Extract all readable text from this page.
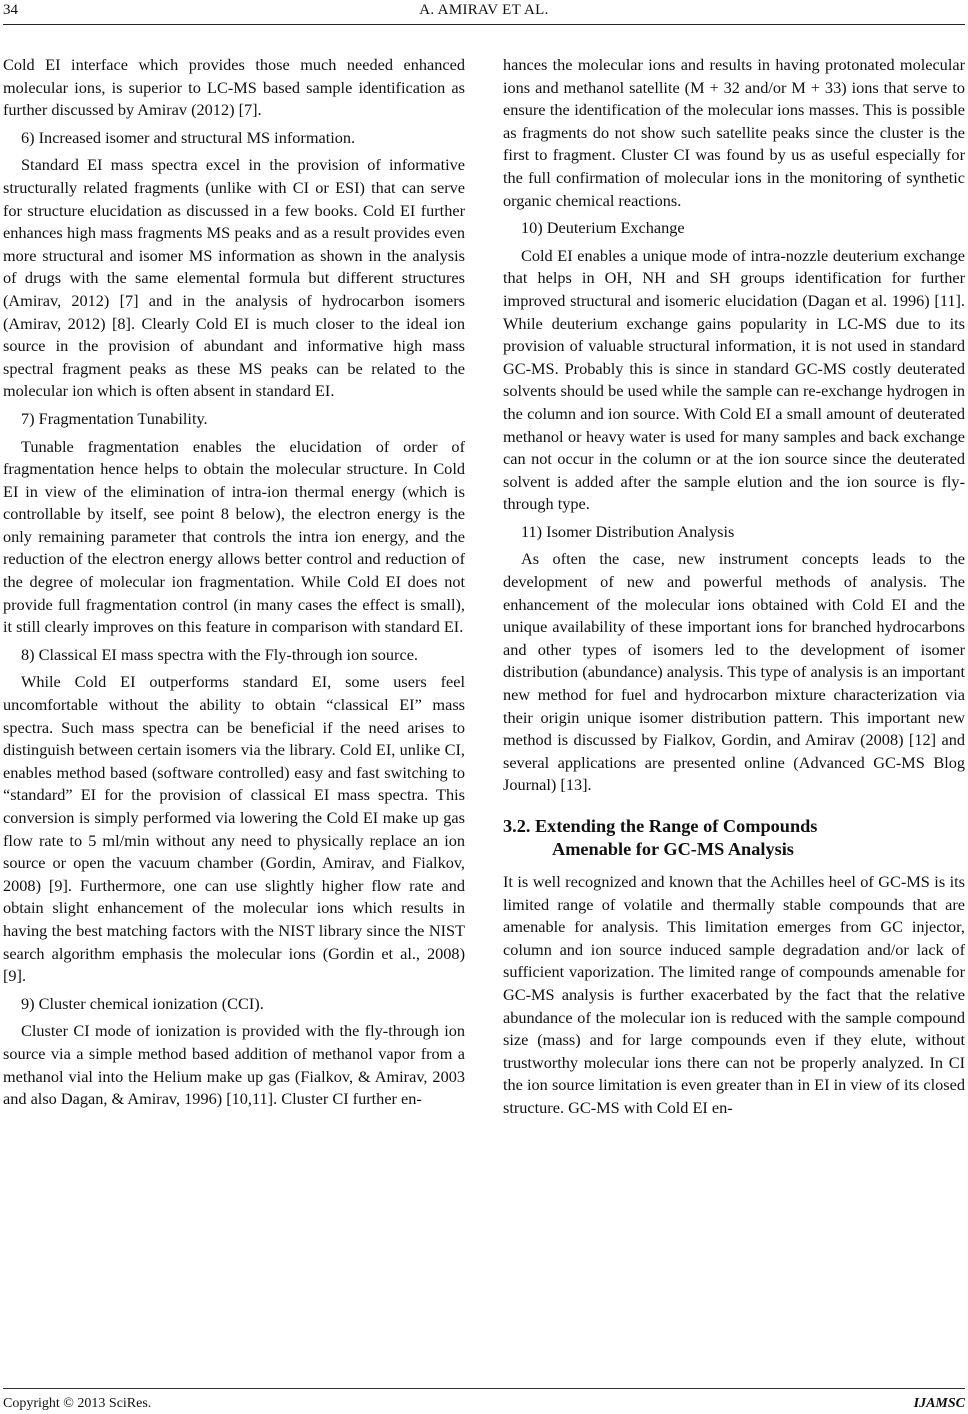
34	A. AMIRAV ET AL.

Cold EI interface which provides those much needed enhanced molecular ions, is superior to LC-MS based sample identification as further discussed by Amirav (2012) [7].

6) Increased isomer and structural MS information.

Standard EI mass spectra excel in the provision of informative structurally related fragments (unlike with CI or ESI) that can serve for structure elucidation as discussed in a few books. Cold EI further enhances high mass fragments MS peaks and as a result provides even more structural and isomer MS information as shown in the analysis of drugs with the same elemental formula but different structures (Amirav, 2012) [7] and in the analysis of hydrocarbon isomers (Amirav, 2012) [8]. Clearly Cold EI is much closer to the ideal ion source in the provision of abundant and informative high mass spectral fragment peaks as these MS peaks can be related to the molecular ion which is often absent in standard EI.

7) Fragmentation Tunability.

Tunable fragmentation enables the elucidation of order of fragmentation hence helps to obtain the molecular structure. In Cold EI in view of the elimination of intra-ion thermal energy (which is controllable by itself, see point 8 below), the electron energy is the only remaining parameter that controls the intra ion energy, and the reduction of the electron energy allows better control and reduction of the degree of molecular ion fragmentation. While Cold EI does not provide full fragmentation control (in many cases the effect is small), it still clearly improves on this feature in comparison with standard EI.

8) Classical EI mass spectra with the Fly-through ion source.

While Cold EI outperforms standard EI, some users feel uncomfortable without the ability to obtain “classical EI” mass spectra. Such mass spectra can be beneficial if the need arises to distinguish between certain isomers via the library. Cold EI, unlike CI, enables method based (software controlled) easy and fast switching to “standard” EI for the provision of classical EI mass spectra. This conversion is simply performed via lowering the Cold EI make up gas flow rate to 5 ml/min without any need to physically replace an ion source or open the vacuum chamber (Gordin, Amirav, and Fialkov, 2008) [9]. Furthermore, one can use slightly higher flow rate and obtain slight enhancement of the molecular ions which results in having the best matching factors with the NIST library since the NIST search algorithm emphasis the molecular ions (Gordin et al., 2008) [9].

9) Cluster chemical ionization (CCI).

Cluster CI mode of ionization is provided with the fly-through ion source via a simple method based addition of methanol vapor from a methanol vial into the Helium make up gas (Fialkov, & Amirav, 2003 and also Dagan, & Amirav, 1996) [10,11]. Cluster CI further en-

hances the molecular ions and results in having protonated molecular ions and methanol satellite (M + 32 and/or M + 33) ions that serve to ensure the identification of the molecular ions masses. This is possible as fragments do not show such satellite peaks since the cluster is the first to fragment. Cluster CI was found by us as useful especially for the full confirmation of molecular ions in the monitoring of synthetic organic chemical reactions.

10) Deuterium Exchange

Cold EI enables a unique mode of intra-nozzle deuterium exchange that helps in OH, NH and SH groups identification for further improved structural and isomeric elucidation (Dagan et al. 1996) [11]. While deuterium exchange gains popularity in LC-MS due to its provision of valuable structural information, it is not used in standard GC-MS. Probably this is since in standard GC-MS costly deuterated solvents should be used while the sample can re-exchange hydrogen in the column and ion source. With Cold EI a small amount of deuterated methanol or heavy water is used for many samples and back exchange can not occur in the column or at the ion source since the deuterated solvent is added after the sample elution and the ion source is fly-through type.

11) Isomer Distribution Analysis

As often the case, new instrument concepts leads to the development of new and powerful methods of analysis. The enhancement of the molecular ions obtained with Cold EI and the unique availability of these important ions for branched hydrocarbons and other types of isomers led to the development of isomer distribution (abundance) analysis. This type of analysis is an important new method for fuel and hydrocarbon mixture characterization via their origin unique isomer distribution pattern. This important new method is discussed by Fialkov, Gordin, and Amirav (2008) [12] and several applications are presented online (Advanced GC-MS Blog Journal) [13].

3.2. Extending the Range of Compounds
Amenable for GC-MS Analysis

It is well recognized and known that the Achilles heel of GC-MS is its limited range of volatile and thermally stable compounds that are amenable for analysis. This limitation emerges from GC injector, column and ion source induced sample degradation and/or lack of sufficient vaporization. The limited range of compounds amenable for GC-MS analysis is further exacerbated by the fact that the relative abundance of the molecular ion is reduced with the sample compound size (mass) and for large compounds even if they elute, without trustworthy molecular ions there can not be properly analyzed. In CI the ion source limitation is even greater than in EI in view of its closed structure. GC-MS with Cold EI en-

Copyright © 2013 SciRes.	IJAMSC
